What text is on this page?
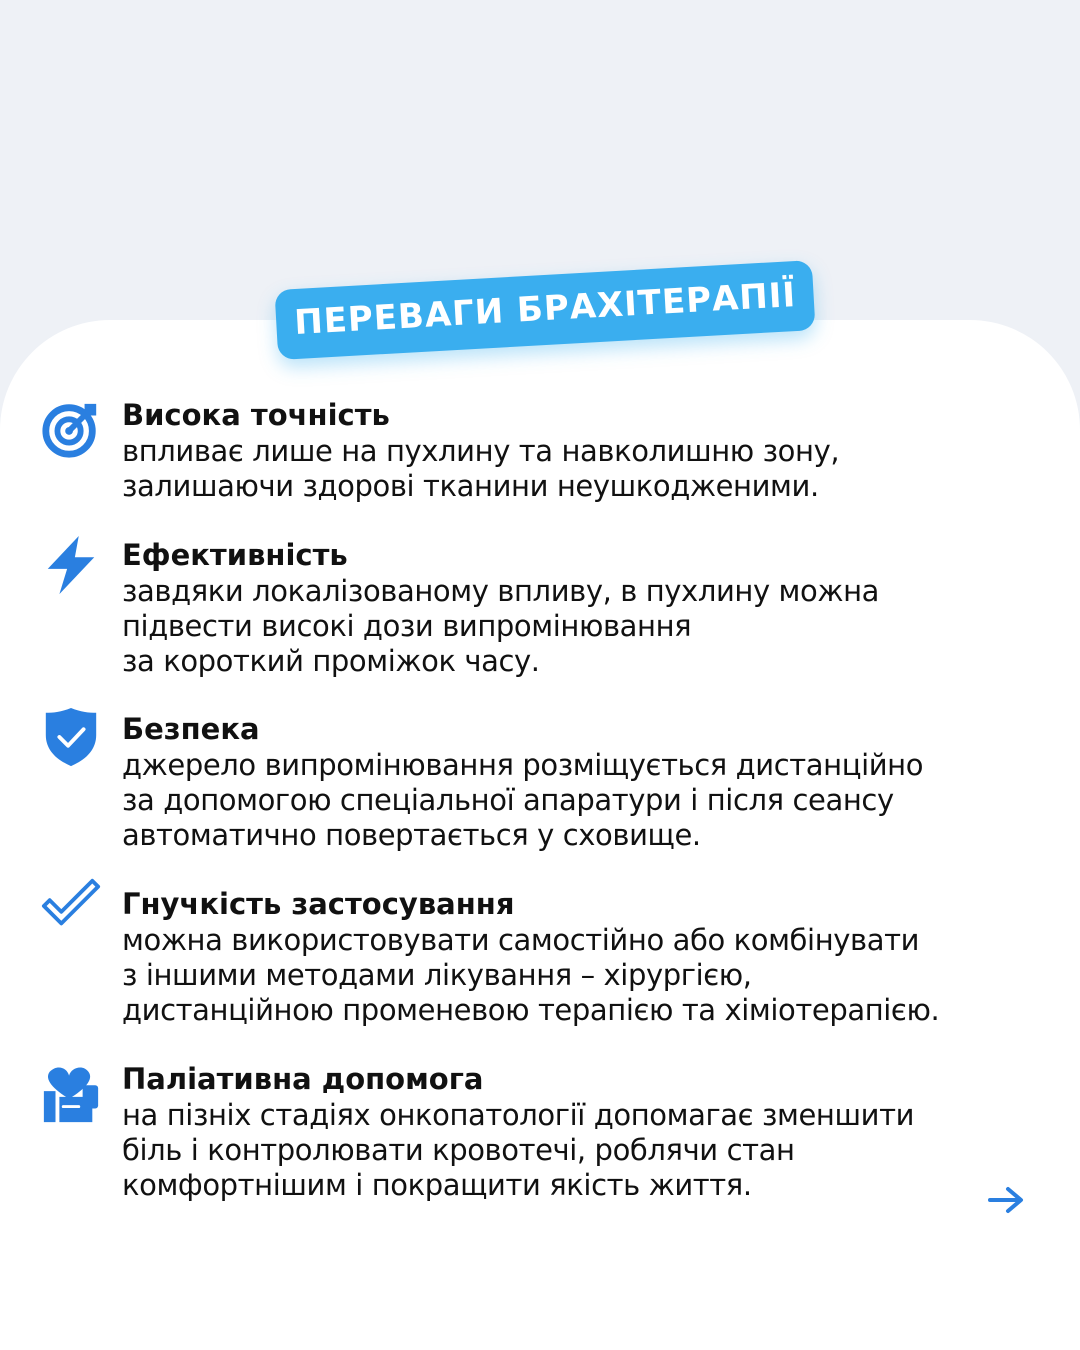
ПЕРЕВАГИ БРАХІТЕРАПІЇ
Висока точність

впливає лише на пухлину та навколишню зону,
залишаючи здорові тканини неушкодженими.

Ефективність

завдяки локалізованому впливу, в пухлину можна
підвести високі дози випромінювання
за короткий проміжок часу.

Безпека

джерело випромінювання розміщується дистанційно
за допомогою спеціальної апаратури і після сеансу
автоматично повертається у сховище.

Гнучкість застосування

можна використовувати самостійно або комбінувати
з іншими методами лікування – хірургією,
дистанційною променевою терапією та хіміотерапією.

Паліативна допомога

на пізніх стадіях онкопатології допомагає зменшити
біль і контролювати кровотечі, роблячи стан
комфортнішим і покращити якість життя.
